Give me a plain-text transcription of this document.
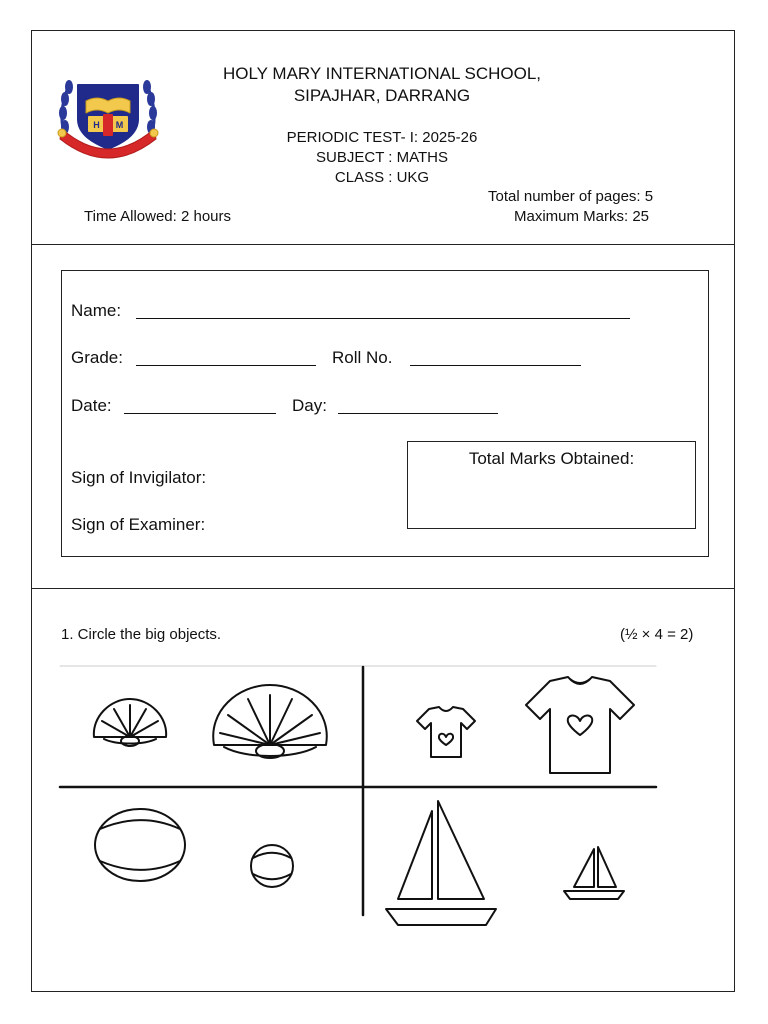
H M
HOLY MARY INTERNATIONAL SCHOOL,
SIPAJHAR, DARRANG
PERIODIC TEST- I: 2025-26
SUBJECT : MATHS
CLASS : UKG
Total number of pages: 5
Time Allowed: 2 hours	Maximum Marks: 25
Name:
Grade:	Roll No.
Date:	Day:
Sign of Invigilator:
Sign of Examiner:
Total Marks Obtained:
1. Circle the big objects.	(½ × 4 = 2)
